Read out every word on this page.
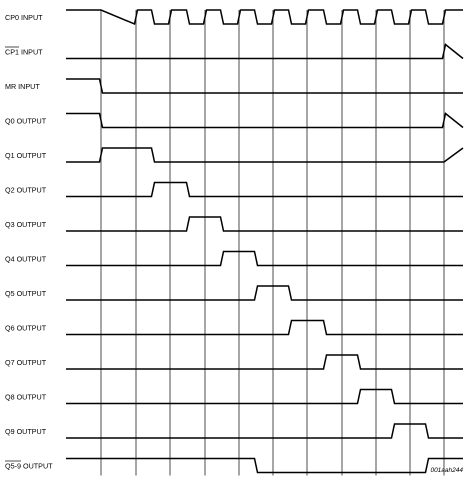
CP0 INPUT
CP1 INPUT
MR INPUT
Q0 OUTPUT
Q1 OUTPUT
Q2 OUTPUT
Q3 OUTPUT
Q4 OUTPUT
Q5 OUTPUT
Q6 OUTPUT
Q7 OUTPUT
Q8 OUTPUT
Q9 OUTPUT
Q5-9 OUTPUT	001aah244
